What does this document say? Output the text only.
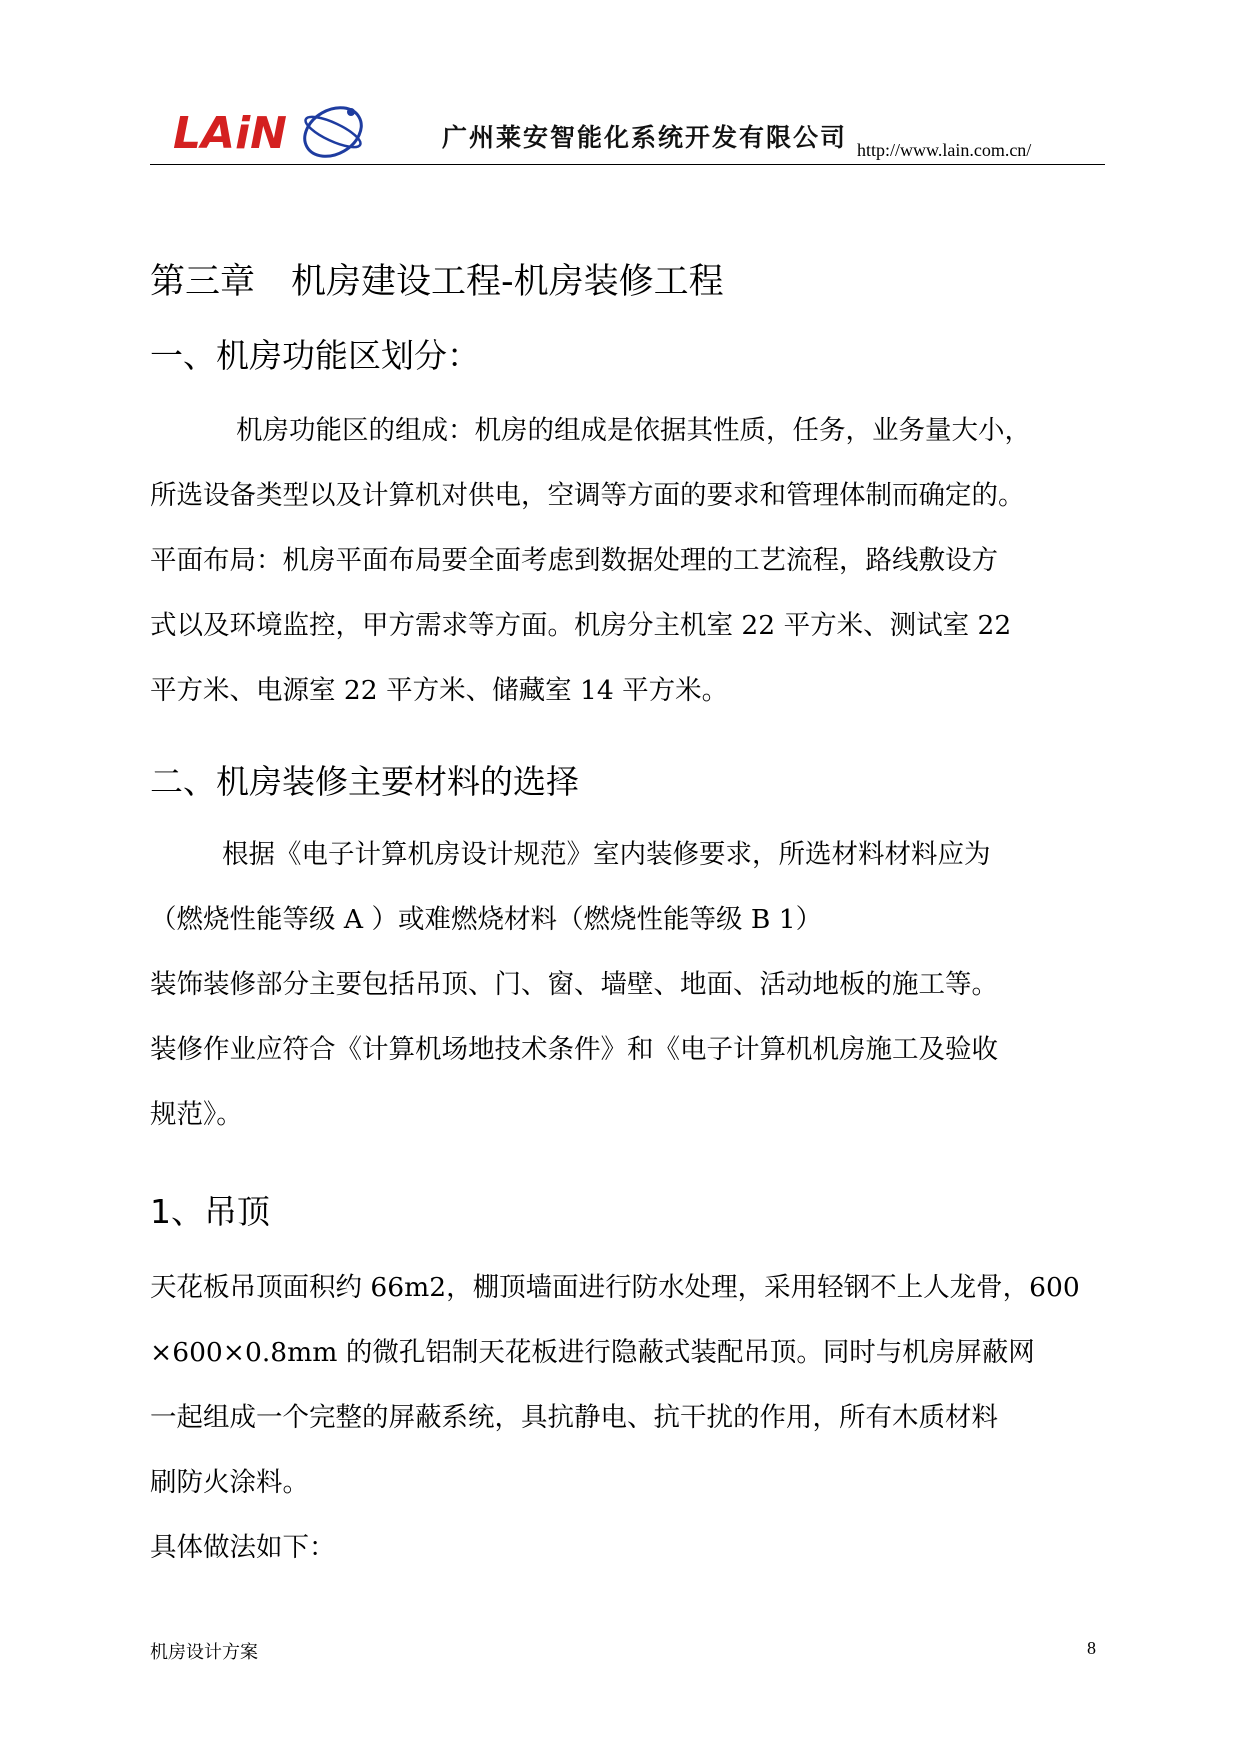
LAiN	广州莱安智能化系统开发有限公司 http://www.lain.com.cn/
第三章 机房建设工程-机房装修工程
一、机房功能区划分：
机房功能区的组成：机房的组成是依据其性质，任务，业务量大小，
所选设备类型以及计算机对供电，空调等方面的要求和管理体制而确定的。
平面布局：机房平面布局要全面考虑到数据处理的工艺流程，路线敷设方
式以及环境监控，甲方需求等方面。机房分主机室 22 平方米、测试室 22
平方米、电源室 22 平方米、储藏室 14 平方米。
二、机房装修主要材料的选择
根据《电子计算机房设计规范》室内装修要求，所选材料材料应为
（燃烧性能等级 A ）或难燃烧材料（燃烧性能等级 B 1）
装饰装修部分主要包括吊顶、门、窗、墙壁、地面、活动地板的施工等。
装修作业应符合《计算机场地技术条件》和《电子计算机机房施工及验收
规范》。
1、吊顶
天花板吊顶面积约 66m2，棚顶墙面进行防水处理，采用轻钢不上人龙骨，600
×600×0.8mm 的微孔铝制天花板进行隐蔽式装配吊顶。同时与机房屏蔽网
一起组成一个完整的屏蔽系统，具抗静电、抗干扰的作用，所有木质材料
刷防火涂料。
具体做法如下：
机房设计方案	8
